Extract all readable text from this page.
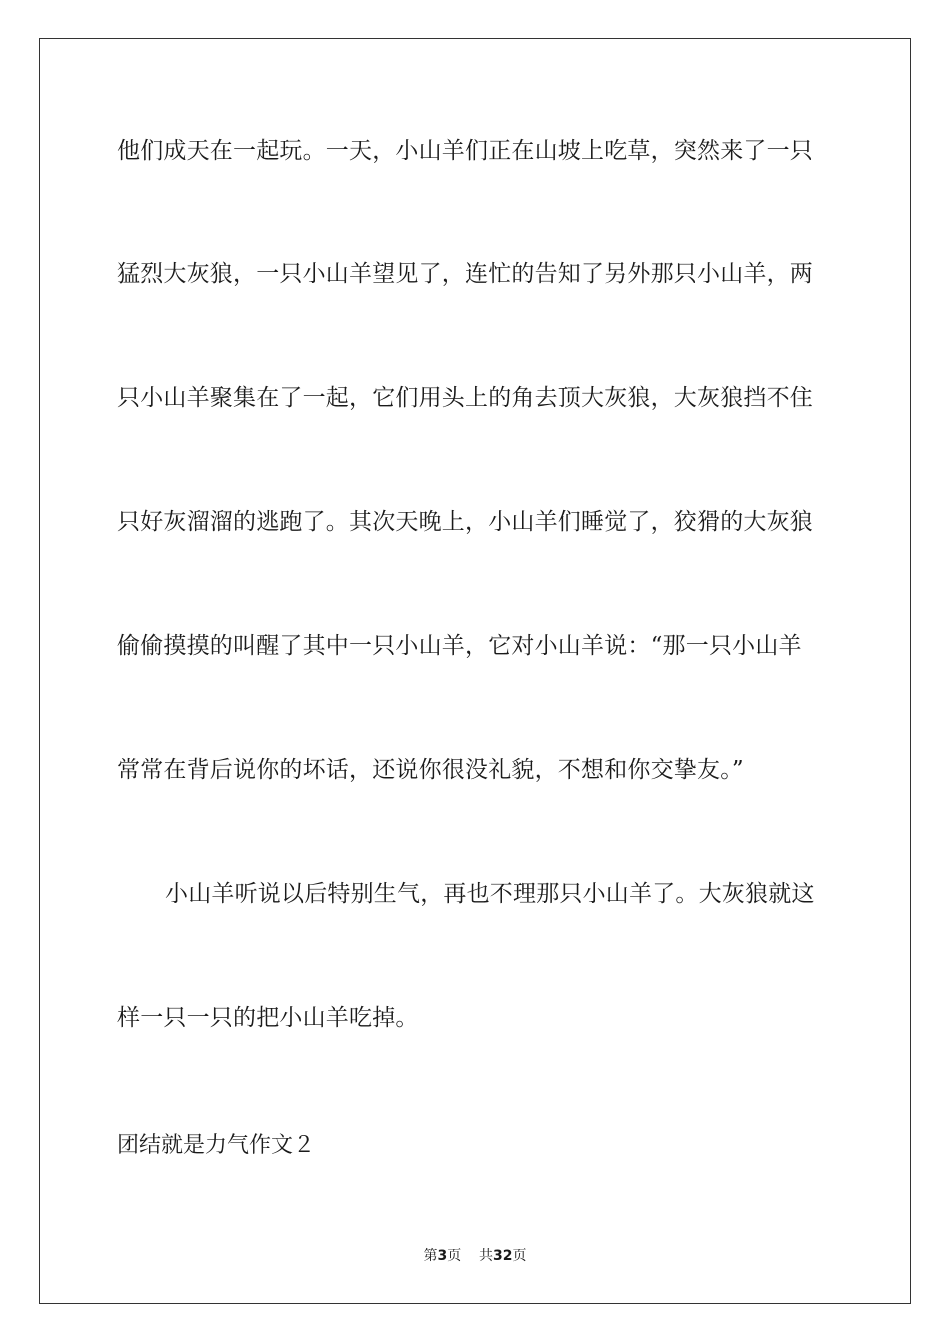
他们成天在一起玩。一天，小山羊们正在山坡上吃草，突然来了一只
猛烈大灰狼，一只小山羊望见了，连忙的告知了另外那只小山羊，两
只小山羊聚集在了一起，它们用头上的角去顶大灰狼，大灰狼挡不住
只好灰溜溜的逃跑了。其次天晚上，小山羊们睡觉了，狡猾的大灰狼
偷偷摸摸的叫醒了其中一只小山羊，它对小山羊说：“那一只小山羊
常常在背后说你的坏话，还说你很没礼貌，不想和你交挚友。”
小山羊听说以后特别生气，再也不理那只小山羊了。大灰狼就这
样一只一只的把小山羊吃掉。
团结就是力气作文２
第3页 共32页
